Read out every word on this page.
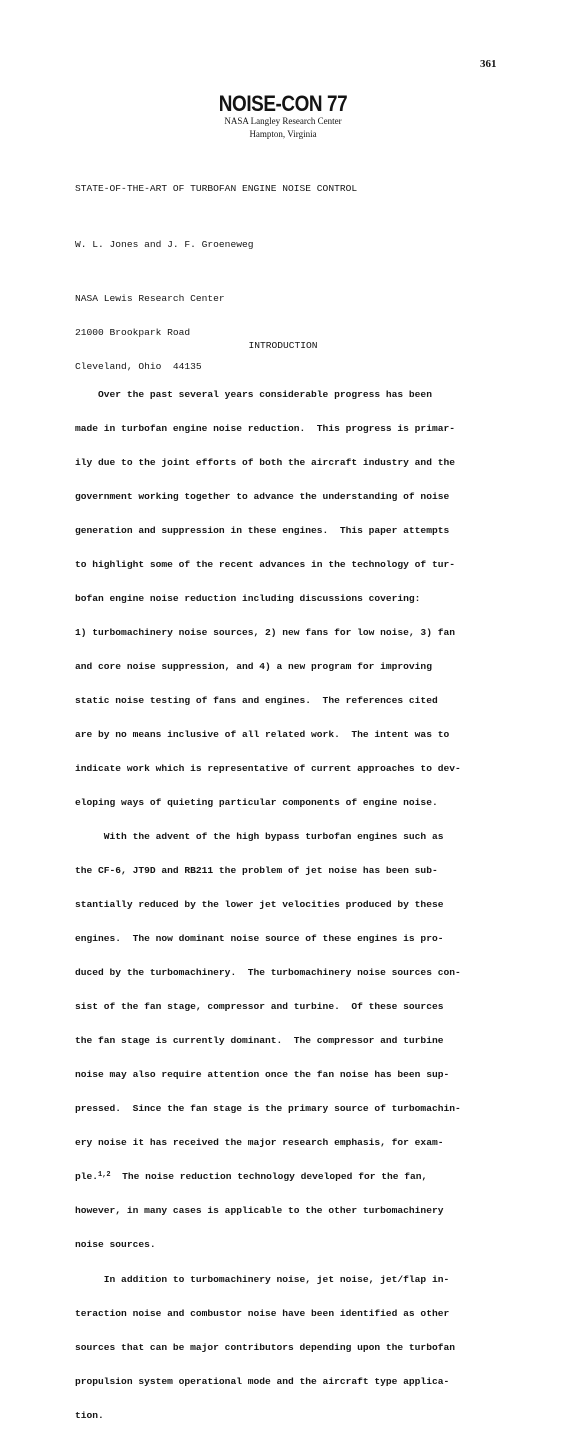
361
NOISE-CON 77
NASA Langley Research Center
Hampton, Virginia
STATE-OF-THE-ART OF TURBOFAN ENGINE NOISE CONTROL
W. L. Jones and J. F. Groeneweg

NASA Lewis Research Center

21000 Brookpark Road

Cleveland, Ohio  44135

INTRODUCTION

Over the past several years considerable progress has been

made in turbofan engine noise reduction.  This progress is primar-

ily due to the joint efforts of both the aircraft industry and the

government working together to advance the understanding of noise

generation and suppression in these engines.  This paper attempts

to highlight some of the recent advances in the technology of tur-

bofan engine noise reduction including discussions covering:

1) turbomachinery noise sources, 2) new fans for low noise, 3) fan

and core noise suppression, and 4) a new program for improving

static noise testing of fans and engines.  The references cited

are by no means inclusive of all related work.  The intent was to

indicate work which is representative of current approaches to dev-

eloping ways of quieting particular components of engine noise.

With the advent of the high bypass turbofan engines such as

the CF-6, JT9D and RB211 the problem of jet noise has been sub-

stantially reduced by the lower jet velocities produced by these

engines.  The now dominant noise source of these engines is pro-

duced by the turbomachinery.  The turbomachinery noise sources con-

sist of the fan stage, compressor and turbine.  Of these sources

the fan stage is currently dominant.  The compressor and turbine

noise may also require attention once the fan noise has been sup-

pressed.  Since the fan stage is the primary source of turbomachin-

ery noise it has received the major research emphasis, for exam-

ple.$^{1,2}$  The noise reduction technology developed for the fan,

however, in many cases is applicable to the other turbomachinery

noise sources.

In addition to turbomachinery noise, jet noise, jet/flap in-

teraction noise and combustor noise have been identified as other

sources that can be major contributors depending upon the turbofan

propulsion system operational mode and the aircraft type applica-

tion.
